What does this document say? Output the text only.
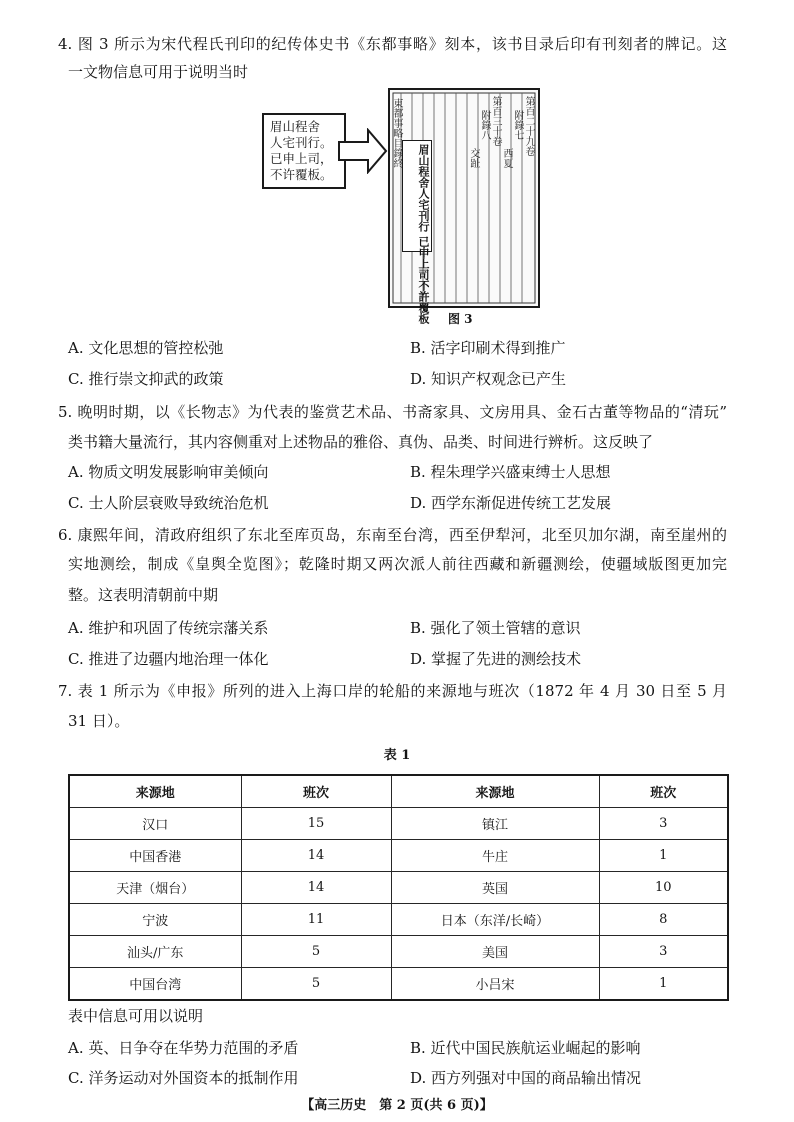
4. 图 3 所示为宋代程氏刊印的纪传体史书《东都事略》刻本，该书目录后印有刊刻者的牌记。这
一文物信息可用于说明当时
眉山程舍
人宅刊行。
已申上司，
不许覆板。
東都事略目錄終
眉山程舍人宅刊行 已申上司不許覆板
第百二十九卷
附錄七
西夏
第百三十卷
附錄八
交趾
图 3
A. 文化思想的管控松弛	B. 活字印刷术得到推广
C. 推行崇文抑武的政策	D. 知识产权观念已产生
5. 晚明时期，以《长物志》为代表的鉴赏艺术品、书斋家具、文房用具、金石古董等物品的“清玩”
类书籍大量流行，其内容侧重对上述物品的雅俗、真伪、品类、时间进行辨析。这反映了
A. 物质文明发展影响审美倾向	B. 程朱理学兴盛束缚士人思想
C. 士人阶层衰败导致统治危机	D. 西学东渐促进传统工艺发展
6. 康熙年间，清政府组织了东北至库页岛，东南至台湾，西至伊犁河，北至贝加尔湖，南至崖州的
实地测绘，制成《皇舆全览图》；乾隆时期又两次派人前往西藏和新疆测绘，使疆域版图更加完
整。这表明清朝前中期
A. 维护和巩固了传统宗藩关系	B. 强化了领土管辖的意识
C. 推进了边疆内地治理一体化	D. 掌握了先进的测绘技术
7. 表 1 所示为《申报》所列的进入上海口岸的轮船的来源地与班次（1872 年 4 月 30 日至 5 月
31 日）。
表 1
来源地	班次	来源地	班次
汉口	15	镇江	3
中国香港	14	牛庄	1
天津（烟台）	14	英国	10
宁波	11	日本（东洋/长崎）	8
汕头/广东	5	美国	3
中国台湾	5	小吕宋	1
表中信息可用以说明
A. 英、日争夺在华势力范围的矛盾	B. 近代中国民族航运业崛起的影响
C. 洋务运动对外国资本的抵制作用	D. 西方列强对中国的商品输出情况
【高三历史　第 2 页(共 6 页)】
